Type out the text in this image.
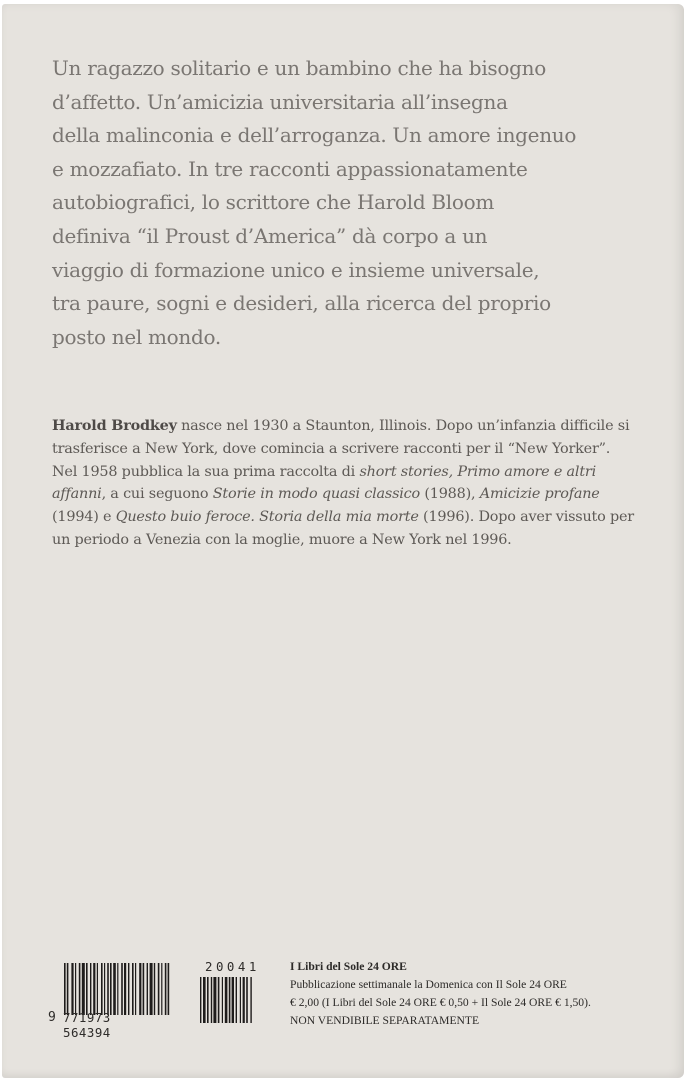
Un ragazzo solitario e un bambino che ha bisogno
d’affetto. Un’amicizia universitaria all’insegna
della malinconia e dell’arroganza. Un amore ingenuo
e mozzafiato. In tre racconti appassionatamente
autobiografici, lo scrittore che Harold Bloom
definiva “il Proust d’America” dà corpo a un
viaggio di formazione unico e insieme universale,
tra paure, sogni e desideri, alla ricerca del proprio
posto nel mondo.

Harold Brodkey nasce nel 1930 a Staunton, Illinois. Dopo un’infanzia difficile si trasferisce a New York, dove comincia a scrivere racconti per il “New Yorker”. Nel 1958 pubblica la sua prima raccolta di short stories, Primo amore e altri affanni, a cui seguono Storie in modo quasi classico (1988), Amicizie profane (1994) e Questo buio feroce. Storia della mia morte (1996). Dopo aver vissuto per un periodo a Venezia con la moglie, muore a New York nel 1996.

9 771973 564394
20041	I Libri del Sole 24 ORE
Pubblicazione settimanale la Domenica con Il Sole 24 ORE
€ 2,00 (I Libri del Sole 24 ORE € 0,50 + Il Sole 24 ORE € 1,50).
NON VENDIBILE SEPARATAMENTE
